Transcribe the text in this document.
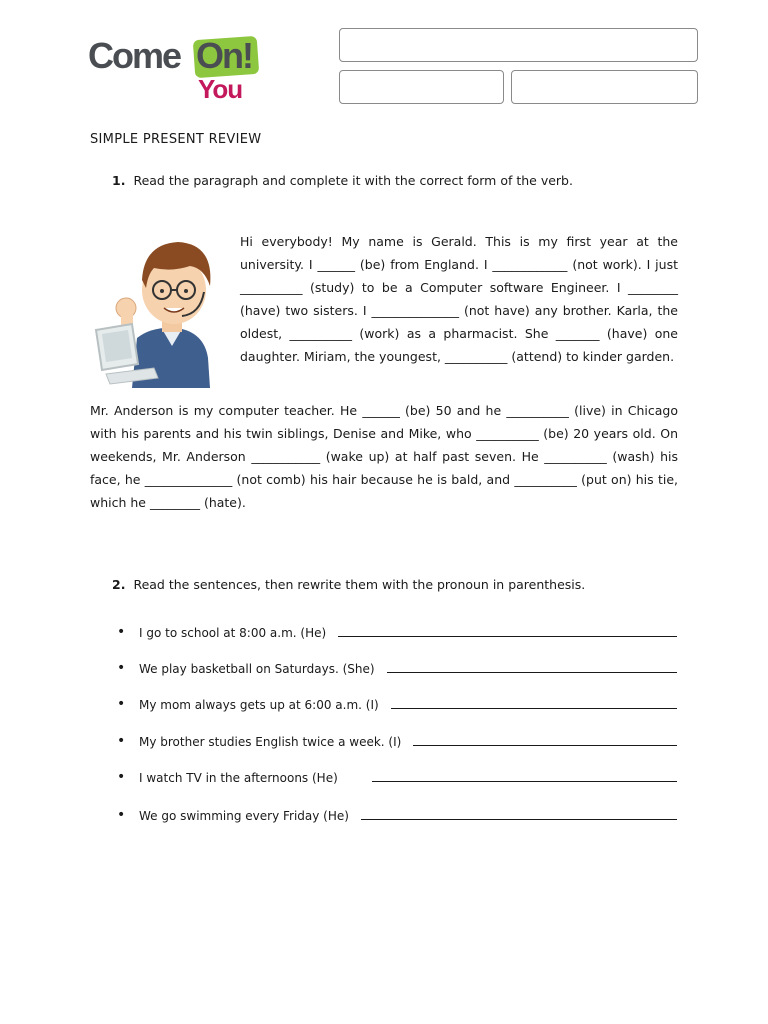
Come On!
You
SIMPLE PRESENT REVIEW
1. Read the paragraph and complete it with the correct form of the verb.

Hi everybody! My name is Gerald. This is my first year at the university. I ______ (be) from England. I ____________ (not work). I just __________ (study) to be a Computer software Engineer. I ________ (have) two sisters. I ______________ (not have) any brother. Karla, the oldest, __________ (work) as a pharmacist. She _______ (have) one daughter. Miriam, the youngest, __________ (attend) to kinder garden.

Mr. Anderson is my computer teacher. He ______ (be) 50 and he __________ (live) in Chicago with his parents and his twin siblings, Denise and Mike, who __________ (be) 20 years old. On weekends, Mr. Anderson ___________ (wake up) at half past seven. He __________ (wash) his face, he ______________ (not comb) his hair because he is bald, and __________ (put on) his tie, which he ________ (hate).

2. Read the sentences, then rewrite them with the pronoun in parenthesis.
•	I go to school at 8:00 a.m. (He)
•	We play basketball on Saturdays. (She)
•	My mom always gets up at 6:00 a.m. (I)
•	My brother studies English twice a week. (I)
•	I watch TV in the afternoons (He)
•	We go swimming every Friday (He)
